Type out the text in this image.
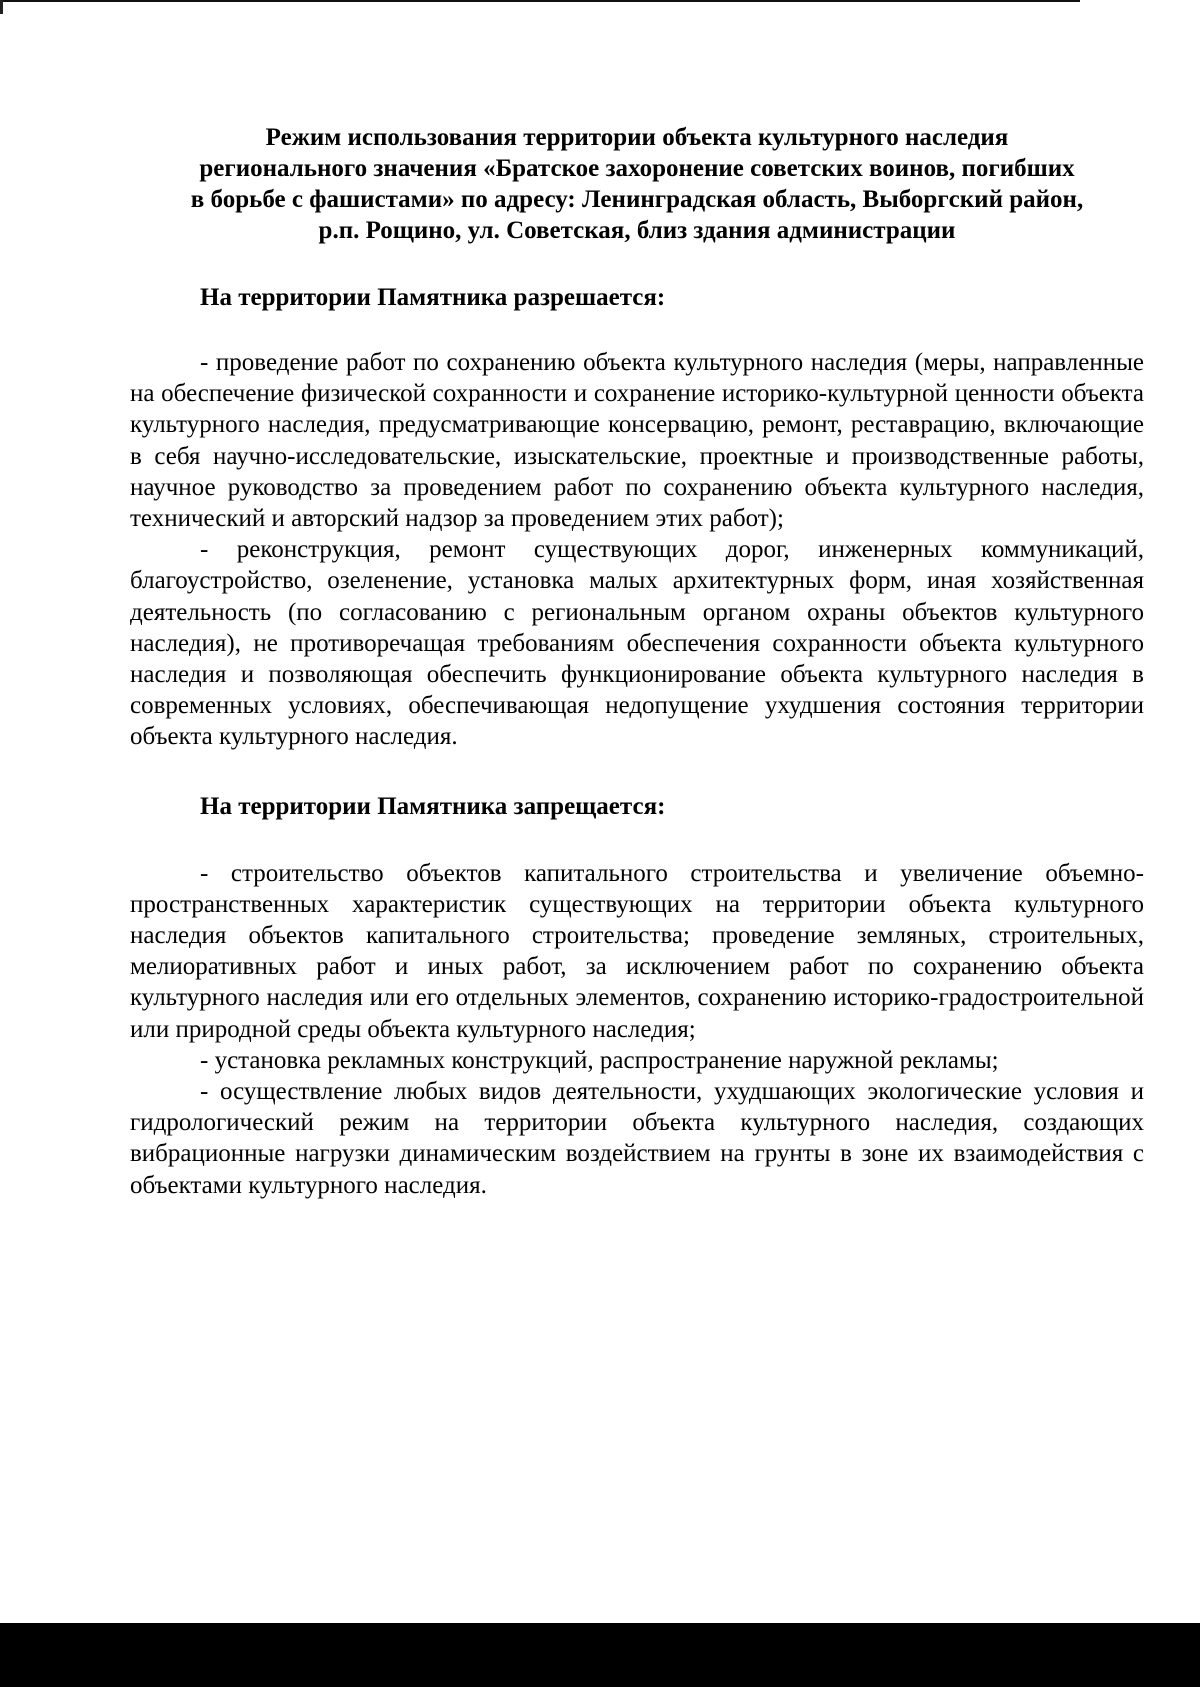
Режим использования территории объекта культурного наследия
регионального значения «Братское захоронение советских воинов, погибших
в борьбе с фашистами» по адресу: Ленинградская область, Выборгский район,
р.п. Рощино, ул. Советская, близ здания администрации
На территории Памятника разрешается:

- проведение работ по сохранению объекта культурного наследия (меры, направленные на обеспечение физической сохранности и сохранение историко-культурной ценности объекта культурного наследия, предусматривающие консервацию, ремонт, реставрацию, включающие в себя научно-исследовательские, изыскательские, проектные и производственные работы, научное руководство за проведением работ по сохранению объекта культурного наследия, технический и авторский надзор за проведением этих работ);

- реконструкция, ремонт существующих дорог, инженерных коммуникаций, благоустройство, озеленение, установка малых архитектурных форм, иная хозяйственная деятельность (по согласованию с региональным органом охраны объектов культурного наследия), не противоречащая требованиям обеспечения сохранности объекта культурного наследия и позволяющая обеспечить функционирование объекта культурного наследия в современных условиях, обеспечивающая недопущение ухудшения состояния территории объекта культурного наследия.

На территории Памятника запрещается:

- строительство объектов капитального строительства и увеличение объемно-пространственных характеристик существующих на территории объекта культурного наследия объектов капитального строительства; проведение земляных, строительных, мелиоративных работ и иных работ, за исключением работ по сохранению объекта культурного наследия или его отдельных элементов, сохранению историко-градостроительной или природной среды объекта культурного наследия;

- установка рекламных конструкций, распространение наружной рекламы;

- осуществление любых видов деятельности, ухудшающих экологические условия и гидрологический режим на территории объекта культурного наследия, создающих вибрационные нагрузки динамическим воздействием на грунты в зоне их взаимодействия с объектами культурного наследия.
